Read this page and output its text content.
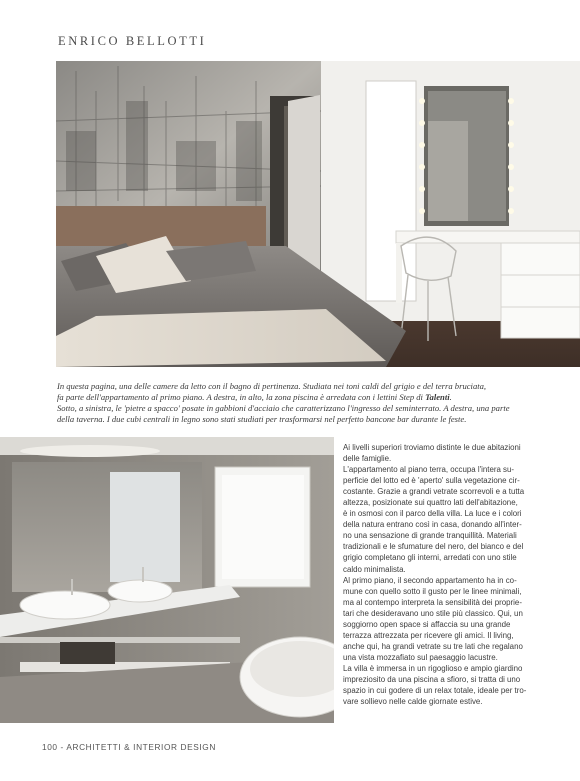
ENRICO BELLOTTI

In questa pagina, una delle camere da letto con il bagno di pertinenza. Studiata nei toni caldi del grigio e del terra bruciata,

fa parte dell'appartamento al primo piano. A destra, in alto, la zona piscina è arredata con i lettini Step di Talenti.

Sotto, a sinistra, le 'pietre a spacco' posate in gabbioni d'acciaio che caratterizzano l'ingresso del seminterrato. A destra, una parte

della taverna. I due cubi centrali in legno sono stati studiati per trasformarsi nel perfetto bancone bar durante le feste.

Ai livelli superiori troviamo distinte le due abitazioni

delle famiglie.

L'appartamento al piano terra, occupa l'intera su-

perficie del lotto ed è 'aperto' sulla vegetazione cir-

costante. Grazie a grandi vetrate scorrevoli e a tutta

altezza, posizionate sui quattro lati dell'abitazione,

è in osmosi con il parco della villa. La luce e i colori

della natura entrano così in casa, donando all'inter-

no una sensazione di grande tranquillità. Materiali

tradizionali e le sfumature del nero, del bianco e del

grigio completano gli interni, arredati con uno stile

caldo minimalista.

Al primo piano, il secondo appartamento ha in co-

mune con quello sotto il gusto per le linee minimali,

ma al contempo interpreta la sensibilità dei proprie-

tari che desideravano uno stile più classico. Qui, un

soggiorno open space si affaccia su una grande

terrazza attrezzata per ricevere gli amici. Il living,

anche qui, ha grandi vetrate su tre lati che regalano

una vista mozzafiato sul paesaggio lacustre.

La villa è immersa in un rigoglioso e ampio giardino

impreziosito da una piscina a sfioro, si tratta di uno

spazio in cui godere di un relax totale, ideale per tro-

vare sollievo nelle calde giornate estive.

100 - ARCHITETTI & INTERIOR DESIGN
